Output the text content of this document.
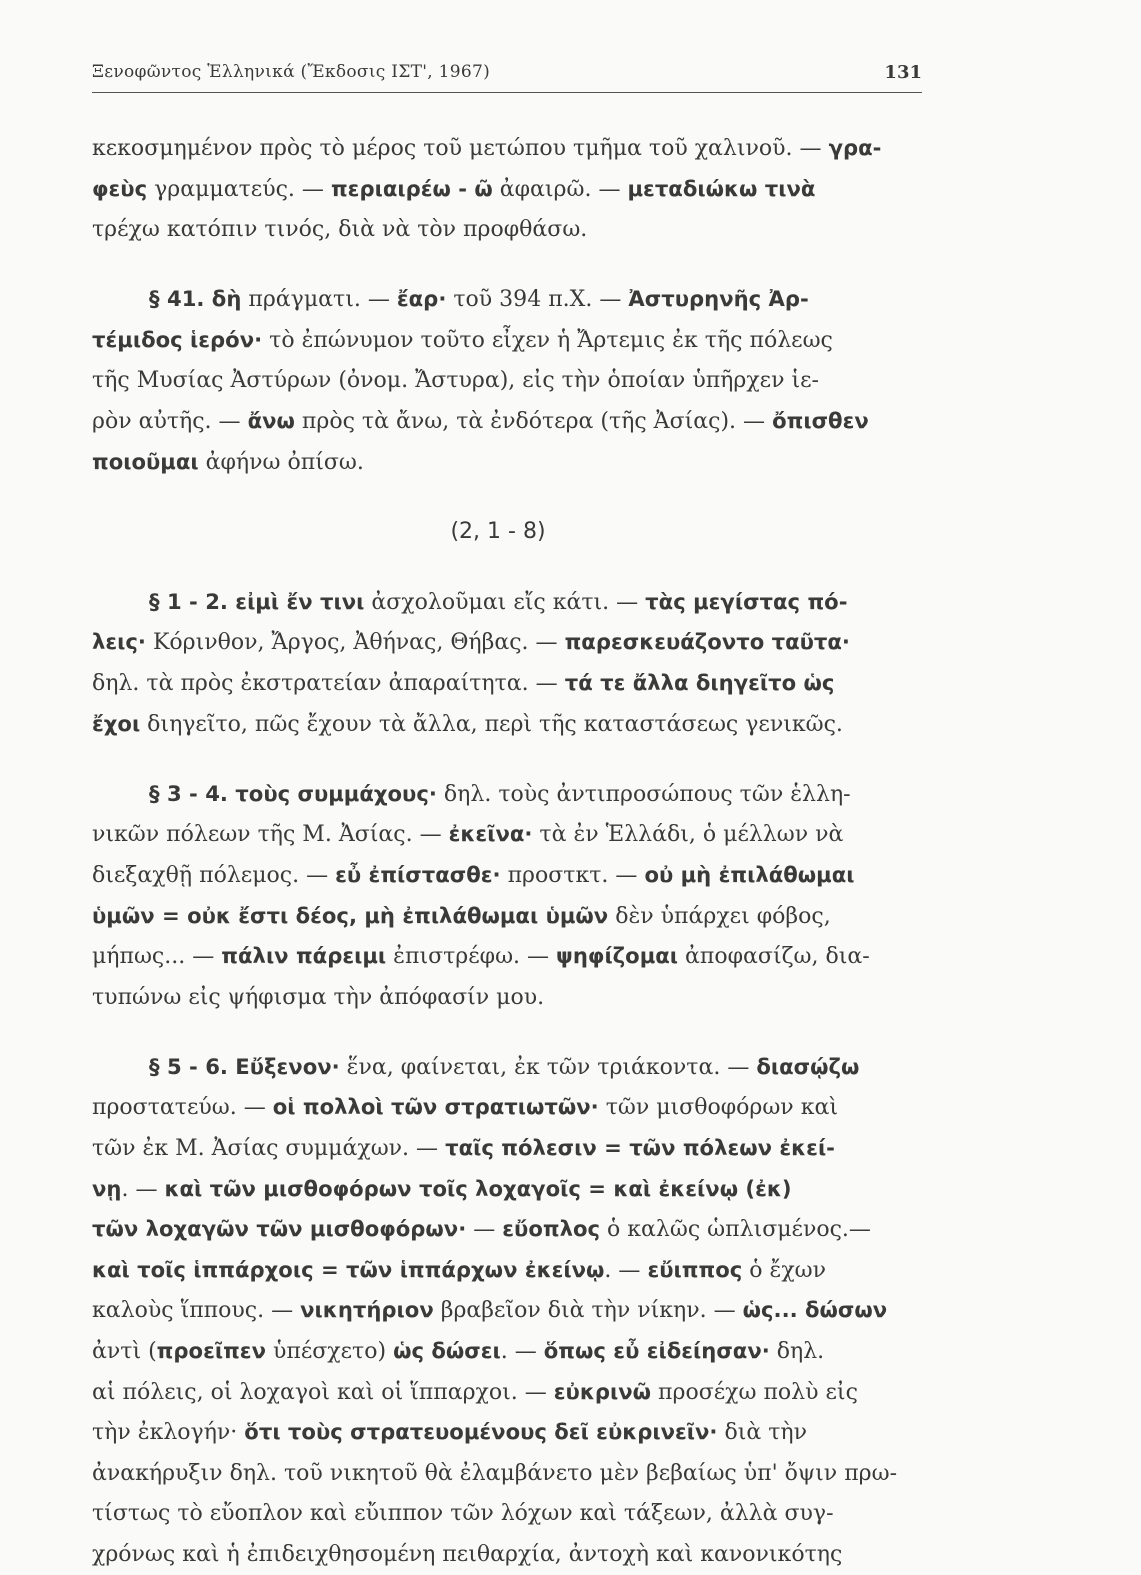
Ξενοφῶντος Ἑλληνικά (Ἔκδοσις ΙΣΤ', 1967)	131
κεκοσμημένον πρὸς τὸ μέρος τοῦ μετώπου τμῆμα τοῦ χαλινοῦ. — γρα-
φεὺς γραμματεύς. — περιαιρέω - ῶ ἀφαιρῶ. — μεταδιώκω τινὰ
τρέχω κατόπιν τινός, διὰ νὰ τὸν προφθάσω.
§ 41. δὴ πράγματι. — ἔαρ· τοῦ 394 π.Χ. — Ἀστυρηνῆς Ἀρ-
τέμιδος ἱερόν· τὸ ἐπώνυμον τοῦτο εἶχεν ἡ Ἄρτεμις ἐκ τῆς πόλεως
τῆς Μυσίας Ἀστύρων (ὀνομ. Ἄστυρα), εἰς τὴν ὁποίαν ὑπῆρχεν ἱε-
ρὸν αὐτῆς. — ἄνω πρὸς τὰ ἄνω, τὰ ἐνδότερα (τῆς Ἀσίας). — ὄπισθεν
ποιοῦμαι ἀφήνω ὀπίσω.
(2, 1 - 8)
§ 1 - 2. εἰμὶ ἔν τινι ἀσχολοῦμαι εἴς κάτι. — τὰς μεγίστας πό-
λεις· Κόρινθον, Ἄργος, Ἀθήνας, Θήβας. — παρεσκευάζοντο ταῦτα·
δηλ. τὰ πρὸς ἐκστρατείαν ἀπαραίτητα. — τά τε ἄλλα διηγεῖτο ὡς
ἔχοι διηγεῖτο, πῶς ἔχουν τὰ ἄλλα, περὶ τῆς καταστάσεως γενικῶς.
§ 3 - 4. τοὺς συμμάχους· δηλ. τοὺς ἀντιπροσώπους τῶν ἑλλη-
νικῶν πόλεων τῆς Μ. Ἀσίας. — ἐκεῖνα· τὰ ἐν Ἑλλάδι, ὁ μέλλων νὰ
διεξαχθῇ πόλεμος. — εὖ ἐπίστασθε· προστκτ. — οὐ μὴ ἐπιλάθωμαι
ὑμῶν = οὐκ ἔστι δέος, μὴ ἐπιλάθωμαι ὑμῶν δὲν ὑπάρχει φόβος,
μήπως... — πάλιν πάρειμι ἐπιστρέφω. — ψηφίζομαι ἀποφασίζω, δια-
τυπώνω εἰς ψήφισμα τὴν ἀπόφασίν μου.
§ 5 - 6. Εὔξενον· ἕνα, φαίνεται, ἐκ τῶν τριάκοντα. — διασῴζω
προστατεύω. — οἱ πολλοὶ τῶν στρατιωτῶν· τῶν μισθοφόρων καὶ
τῶν ἐκ Μ. Ἀσίας συμμάχων. — ταῖς πόλεσιν = τῶν πόλεων ἐκεί-
νῃ. — καὶ τῶν μισθοφόρων τοῖς λοχαγοῖς = καὶ ἐκείνῳ (ἐκ)
τῶν λοχαγῶν τῶν μισθοφόρων· — εὔοπλος ὁ καλῶς ὡπλισμένος.—
καὶ τοῖς ἱππάρχοις = τῶν ἱππάρχων ἐκείνῳ. — εὔιππος ὁ ἔχων
καλοὺς ἵππους. — νικητήριον βραβεῖον διὰ τὴν νίκην. — ὡς... δώσων
ἀντὶ (προεῖπεν ὑπέσχετο) ὡς δώσει. — ὅπως εὖ εἰδείησαν· δηλ.
αἱ πόλεις, οἱ λοχαγοὶ καὶ οἱ ἵππαρχοι. — εὐκρινῶ προσέχω πολὺ εἰς
τὴν ἐκλογήν· ὅτι τοὺς στρατευομένους δεῖ εὐκρινεῖν· διὰ τὴν
ἀνακήρυξιν δηλ. τοῦ νικητοῦ θὰ ἐλαμβάνετο μὲν βεβαίως ὑπ' ὄψιν πρω-
τίστως τὸ εὔοπλον καὶ εὔιππον τῶν λόχων καὶ τάξεων, ἀλλὰ συγ-
χρόνως καὶ ἡ ἐπιδειχθησομένη πειθαρχία, ἀντοχὴ καὶ κανονικότης
